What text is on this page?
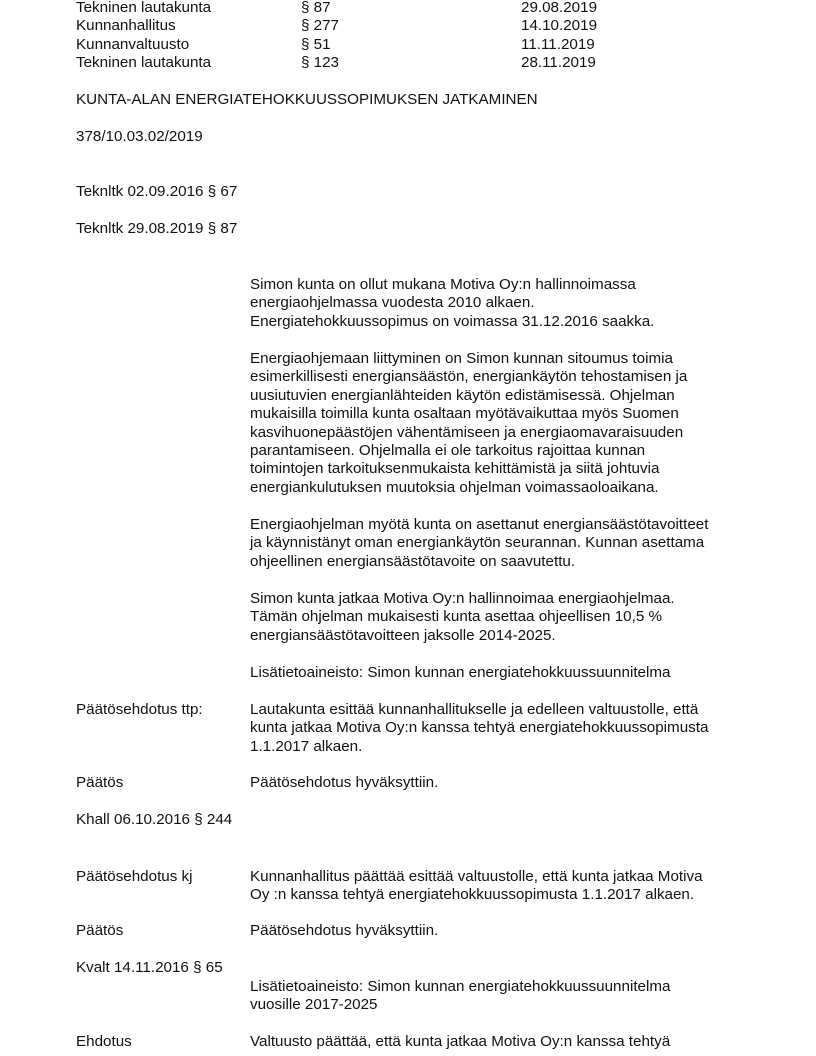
Tekninen lautakunta	§ 87	29.08.2019
Kunnanhallitus	§ 277	14.10.2019
Kunnanvaltuusto	§ 51	11.11.2019
Tekninen lautakunta	§ 123	28.11.2019
KUNTA-ALAN ENERGIATEHOKKUUSSOPIMUKSEN JATKAMINEN
378/10.03.02/2019
Teknltk 02.09.2016 § 67
Teknltk 29.08.2019 § 87

Simon kunta on ollut mukana Motiva Oy:n hallinnoimassa
energiaohjelmassa vuodesta 2010 alkaen.
Energiatehokkuussopimus on voimassa 31.12.2016 saakka.

Energiaohjemaan liittyminen on Simon kunnan sitoumus toimia
esimerkillisesti energiansäästön, energiankäytön tehostamisen ja
uusiutuvien energianlähteiden käytön edistämisessä. Ohjelman
mukaisilla toimilla kunta osaltaan myötävaikuttaa myös Suomen
kasvihuonepäästöjen vähentämiseen ja energiaomavaraisuuden
parantamiseen. Ohjelmalla ei ole tarkoitus rajoittaa kunnan
toimintojen tarkoituksenmukaista kehittämistä ja siitä johtuvia
energiankulutuksen muutoksia ohjelman voimassaoloaikana.

Energiaohjelman myötä kunta on asettanut energiansäästötavoitteet
ja käynnistänyt oman energiankäytön seurannan. Kunnan asettama
ohjeellinen energiansäästötavoite on saavutettu.

Simon kunta jatkaa Motiva Oy:n hallinnoimaa energiaohjelmaa.
Tämän ohjelman mukaisesti kunta asettaa ohjeellisen 10,5 %
energiansäästötavoitteen jaksolle 2014-2025.

Lisätietoaineisto: Simon kunnan energiatehokkuussuunnitelma

Päätösehdotus ttp:	Lautakunta esittää kunnanhallitukselle ja edelleen valtuustolle, että
kunta jatkaa Motiva Oy:n kanssa tehtyä energiatehokkuussopimusta
1.1.2017 alkaen.

Päätös	Päätösehdotus hyväksyttiin.

Khall 06.10.2016 § 244
Päätösehdotus kj	Kunnanhallitus päättää esittää valtuustolle, että kunta jatkaa Motiva
Oy :n kanssa tehtyä energiatehokkuussopimusta 1.1.2017 alkaen.

Päätös	Päätösehdotus hyväksyttiin.

Kvalt 14.11.2016 § 65

Lisätietoaineisto: Simon kunnan energiatehokkuussuunnitelma
vuosille 2017-2025

Ehdotus	Valtuusto päättää, että kunta jatkaa Motiva Oy:n kanssa tehtyä
